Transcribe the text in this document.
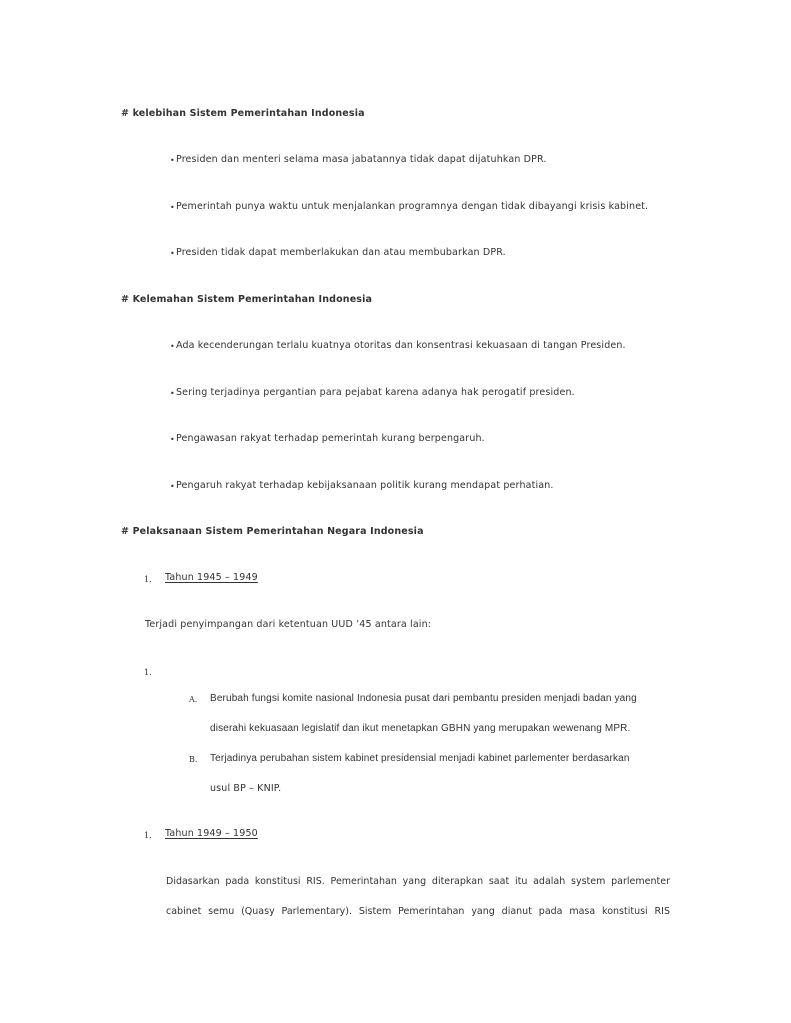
# kelebihan Sistem Pemerintahan Indonesia
• Presiden dan menteri selama masa jabatannya tidak dapat dijatuhkan DPR.
• Pemerintah punya waktu untuk menjalankan programnya dengan tidak dibayangi krisis kabinet.
• Presiden tidak dapat memberlakukan dan atau membubarkan DPR.
# Kelemahan Sistem Pemerintahan Indonesia
• Ada kecenderungan terlalu kuatnya otoritas dan konsentrasi kekuasaan di tangan Presiden.
• Sering terjadinya pergantian para pejabat karena adanya hak perogatif presiden.
• Pengawasan rakyat terhadap pemerintah kurang berpengaruh.
• Pengaruh rakyat terhadap kebijaksanaan politik kurang mendapat perhatian.
# Pelaksanaan Sistem Pemerintahan Negara Indonesia
1. Tahun 1945 – 1949
Terjadi penyimpangan dari ketentuan UUD ’45 antara lain:
1.
A. Berubah fungsi komite nasional Indonesia pusat dari pembantu presiden menjadi badan yang
diserahi kekuasaan legislatif dan ikut menetapkan GBHN yang merupakan wewenang MPR.
B. Terjadinya perubahan sistem kabinet presidensial menjadi kabinet parlementer berdasarkan
usul BP – KNIP.
1. Tahun 1949 – 1950
Didasarkan pada konstitusi RIS. Pemerintahan yang diterapkan saat itu adalah system parlementer
cabinet semu (Quasy Parlementary). Sistem Pemerintahan yang dianut pada masa konstitusi RIS
